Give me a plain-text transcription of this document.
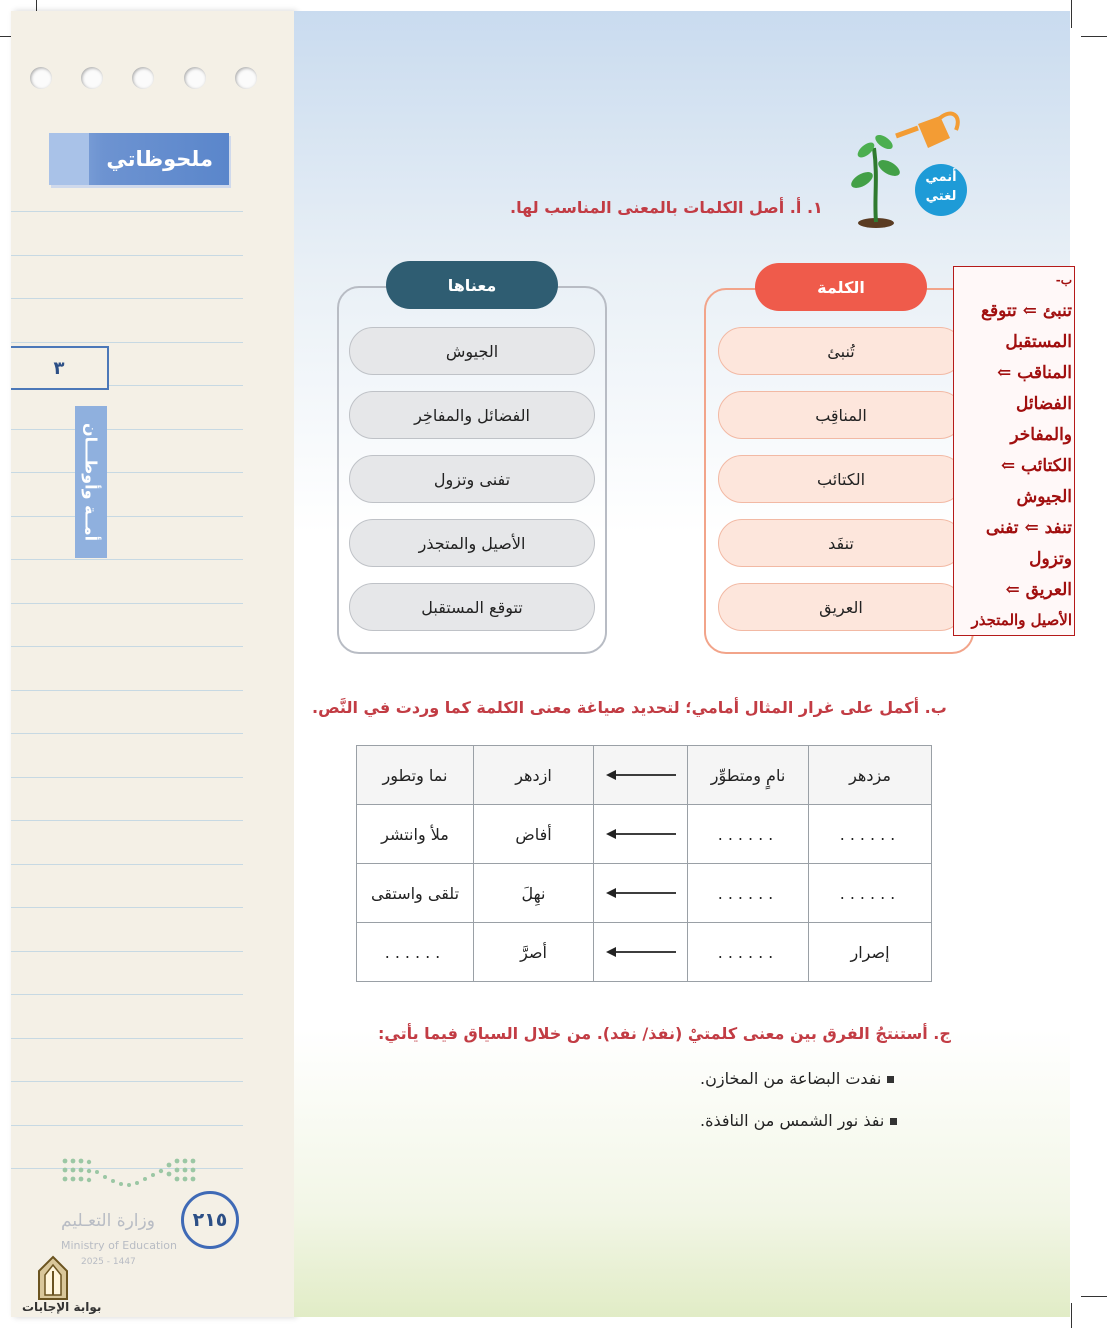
ملحوظاتي
٣
أمــة وأوطـــان
وزارة التعـليم
Ministry of Education
2025 - 1447
٢١٥
بوابة الإجابات
أنمي
لغتي
١. أ. أصل الكلمات بالمعنى المناسب لها.
الكلمة
معناها
تُنبئ
المناقِب
الكتائب
تنفَد
العريق
الجيوش
الفضائل والمفاخِر
تفنى وتزول
الأصيل والمتجذر
تتوقع المستقبل
ب-
تنبئ ⇐ تتوقع
المستقبل
المناقب ⇐
الفضائل
والمفاخر
الكتائب ⇐
الجيوش
تنفد ⇐ تفنى
وتزول
العريق ⇐
الأصيل والمتجذر
ب. أكمل على غرار المثال أمامي؛ لتحديد صياغة معنى الكلمة كما وردت في النَّص.
نما وتطور	ازدهر		نامٍ ومتطوِّر	مزدهر
ملأ وانتشر	أفاض		......	......
تلقى واستقى	نهِلَ		......	......
......	أصرَّ		......	إصرار
ج. أستنتجُ الفرق بين معنى كلمتيْ (نفذ/ نفد). من خلال السياق فيما يأتي:
نفدت البضاعة من المخازن.
نفذ نور الشمس من النافذة.
